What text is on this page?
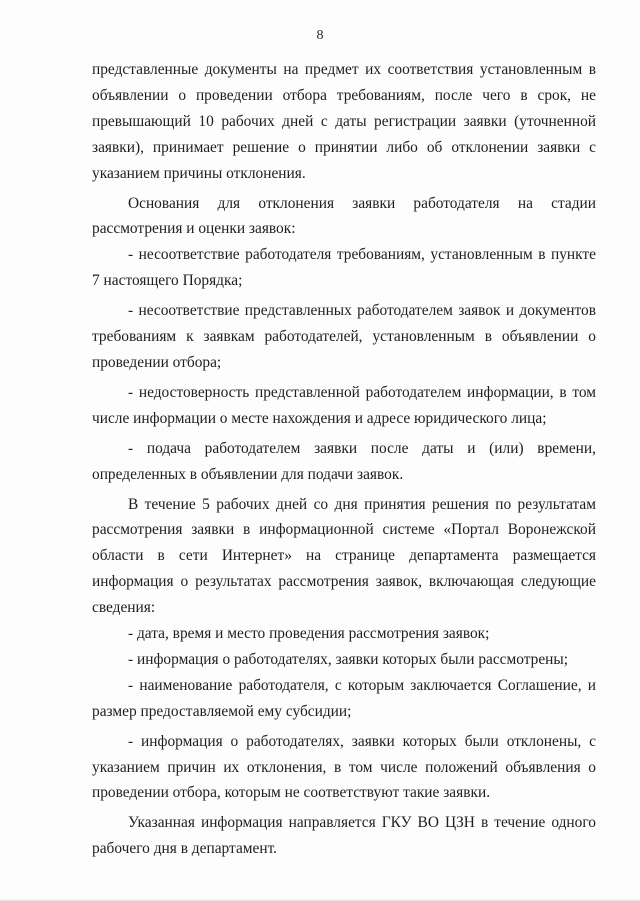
8

представленные документы на предмет их соответствия установленным в объявлении о проведении отбора требованиям, после чего в срок, не превышающий 10 рабочих дней с даты регистрации заявки (уточненной заявки), принимает решение о принятии либо об отклонении заявки с указанием причины отклонения.

Основания для отклонения заявки работодателя на стадии рассмотрения и оценки заявок:

- несоответствие работодателя требованиям, установленным в пункте 7 настоящего Порядка;

- несоответствие представленных работодателем заявок и документов требованиям к заявкам работодателей, установленным в объявлении о проведении отбора;

- недостоверность представленной работодателем информации, в том числе информации о месте нахождения и адресе юридического лица;

- подача работодателем заявки после даты и (или) времени, определенных в объявлении для подачи заявок.

В течение 5 рабочих дней со дня принятия решения по результатам рассмотрения заявки в информационной системе «Портал Воронежской области в сети Интернет» на странице департамента размещается информация о результатах рассмотрения заявок, включающая следующие сведения:

- дата, время и место проведения рассмотрения заявок;

- информация о работодателях, заявки которых были рассмотрены;

- наименование работодателя, с которым заключается Соглашение, и размер предоставляемой ему субсидии;

- информация о работодателях, заявки которых были отклонены, с указанием причин их отклонения, в том числе положений объявления о проведении отбора, которым не соответствуют такие заявки.

Указанная информация направляется ГКУ ВО ЦЗН в течение одного рабочего дня в департамент.
